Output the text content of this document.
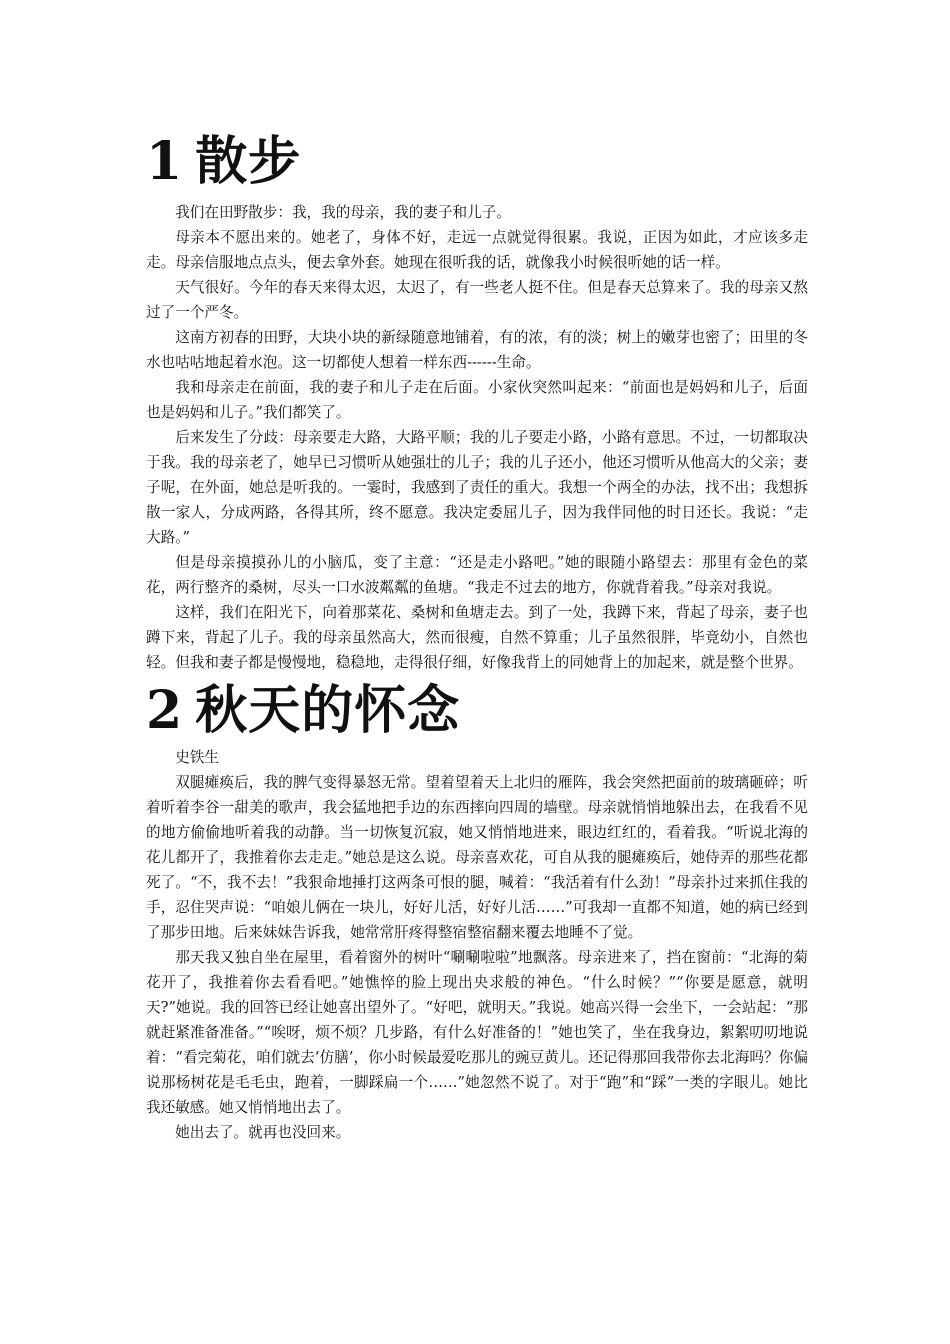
1 散步

我们在田野散步：我，我的母亲，我的妻子和儿子。

母亲本不愿出来的。她老了，身体不好，走远一点就觉得很累。我说，正因为如此，才应该多走走。母亲信服地点点头，便去拿外套。她现在很听我的话，就像我小时候很听她的话一样。

天气很好。今年的春天来得太迟，太迟了，有一些老人挺不住。但是春天总算来了。我的母亲又熬过了一个严冬。

这南方初春的田野，大块小块的新绿随意地铺着，有的浓，有的淡；树上的嫩芽也密了；田里的冬水也咕咕地起着水泡。这一切都使人想着一样东西------生命。

我和母亲走在前面，我的妻子和儿子走在后面。小家伙突然叫起来：“前面也是妈妈和儿子，后面也是妈妈和儿子。”我们都笑了。

后来发生了分歧：母亲要走大路，大路平顺；我的儿子要走小路，小路有意思。不过，一切都取决于我。我的母亲老了，她早已习惯听从她强壮的儿子；我的儿子还小，他还习惯听从他高大的父亲；妻子呢，在外面，她总是听我的。一霎时，我感到了责任的重大。我想一个两全的办法，找不出；我想拆散一家人，分成两路，各得其所，终不愿意。我决定委屈儿子，因为我伴同他的时日还长。我说：“走大路。”

但是母亲摸摸孙儿的小脑瓜，变了主意：“还是走小路吧。”她的眼随小路望去：那里有金色的菜花，两行整齐的桑树，尽头一口水波粼粼的鱼塘。“我走不过去的地方，你就背着我。”母亲对我说。

这样，我们在阳光下，向着那菜花、桑树和鱼塘走去。到了一处，我蹲下来，背起了母亲，妻子也蹲下来，背起了儿子。我的母亲虽然高大，然而很瘦，自然不算重；儿子虽然很胖，毕竟幼小，自然也轻。但我和妻子都是慢慢地，稳稳地，走得很仔细，好像我背上的同她背上的加起来，就是整个世界。

2 秋天的怀念

史铁生

双腿瘫痪后，我的脾气变得暴怒无常。望着望着天上北归的雁阵，我会突然把面前的玻璃砸碎；听着听着李谷一甜美的歌声，我会猛地把手边的东西摔向四周的墙壁。母亲就悄悄地躲出去，在我看不见的地方偷偷地听着我的动静。当一切恢复沉寂，她又悄悄地进来，眼边红红的，看着我。“听说北海的花儿都开了，我推着你去走走。”她总是这么说。母亲喜欢花，可自从我的腿瘫痪后，她侍弄的那些花都死了。“不，我不去！”我狠命地捶打这两条可恨的腿，喊着：“我活着有什么劲！”母亲扑过来抓住我的手，忍住哭声说：“咱娘儿俩在一块儿，好好儿活，好好儿活……”可我却一直都不知道，她的病已经到了那步田地。后来妹妹告诉我，她常常肝疼得整宿整宿翻来覆去地睡不了觉。

那天我又独自坐在屋里，看着窗外的树叶“唰唰啦啦”地飘落。母亲进来了，挡在窗前：“北海的菊花开了，我推着你去看看吧。”她憔悴的脸上现出央求般的神色。“什么时候？”“你要是愿意，就明天?”她说。我的回答已经让她喜出望外了。“好吧，就明天。”我说。她高兴得一会坐下，一会站起：“那就赶紧准备准备。”“唉呀，烦不烦？几步路，有什么好准备的！”她也笑了，坐在我身边，絮絮叨叨地说着：“看完菊花，咱们就去‘仿膳’，你小时候最爱吃那儿的豌豆黄儿。还记得那回我带你去北海吗？你偏说那杨树花是毛毛虫，跑着，一脚踩扁一个……”她忽然不说了。对于“跑”和“踩”一类的字眼儿。她比我还敏感。她又悄悄地出去了。

她出去了。就再也没回来。
